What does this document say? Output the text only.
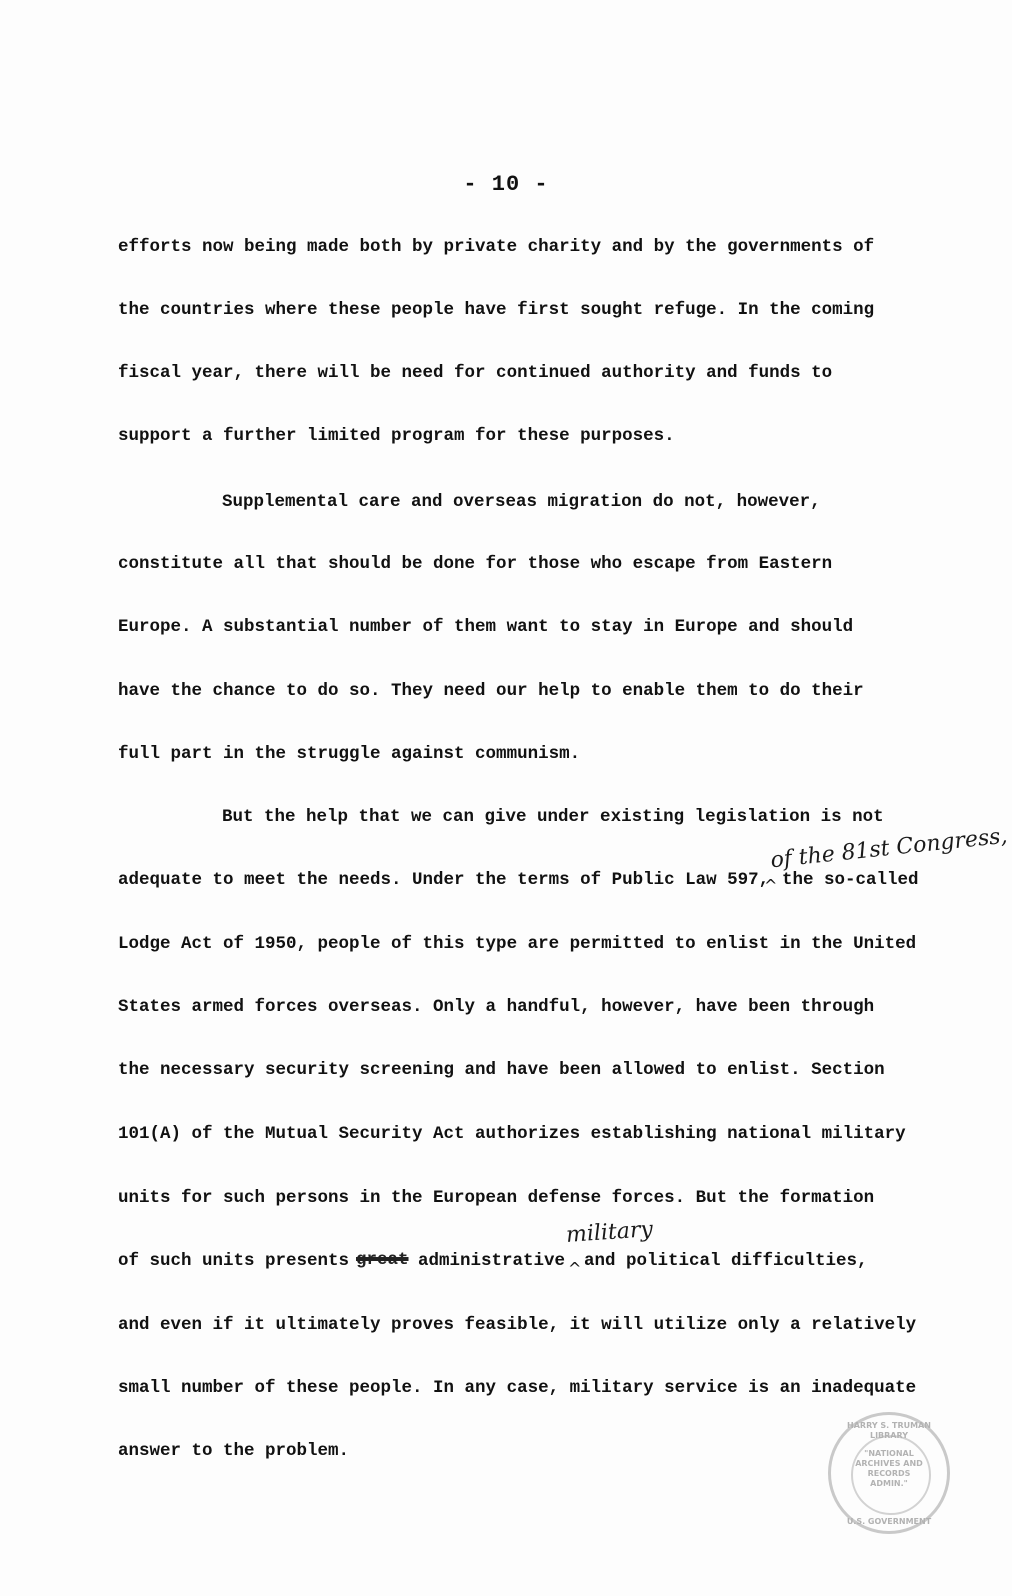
- 10 -
efforts now being made both by private charity and by the governments of
the countries where these people have first sought refuge. In the coming
fiscal year, there will be need for continued authority and funds to
support a further limited program for these purposes.
Supplemental care and overseas migration do not, however,
constitute all that should be done for those who escape from Eastern
Europe. A substantial number of them want to stay in Europe and should
have the chance to do so. They need our help to enable them to do their
full part in the struggle against communism.
But the help that we can give under existing legislation is not
adequate to meet the needs. Under the terms of Public Law 597,
^ the so-called
of the 81st Congress,
Lodge Act of 1950, people of this type are permitted to enlist in the United
States armed forces overseas. Only a handful, however, have been through
the necessary security screening and have been allowed to enlist. Section
101(A) of the Mutual Security Act authorizes establishing national military
units for such persons in the European defense forces. But the formation
of such units presents great administrative ^ and political difficulties,
military
and even if it ultimately proves feasible, it will utilize only a relatively
small number of these people. In any case, military service is an inadequate
answer to the problem.
HARRY S. TRUMAN LIBRARY
"NATIONAL
ARCHIVES AND
RECORDS
ADMIN."
U.S. GOVERNMENT
